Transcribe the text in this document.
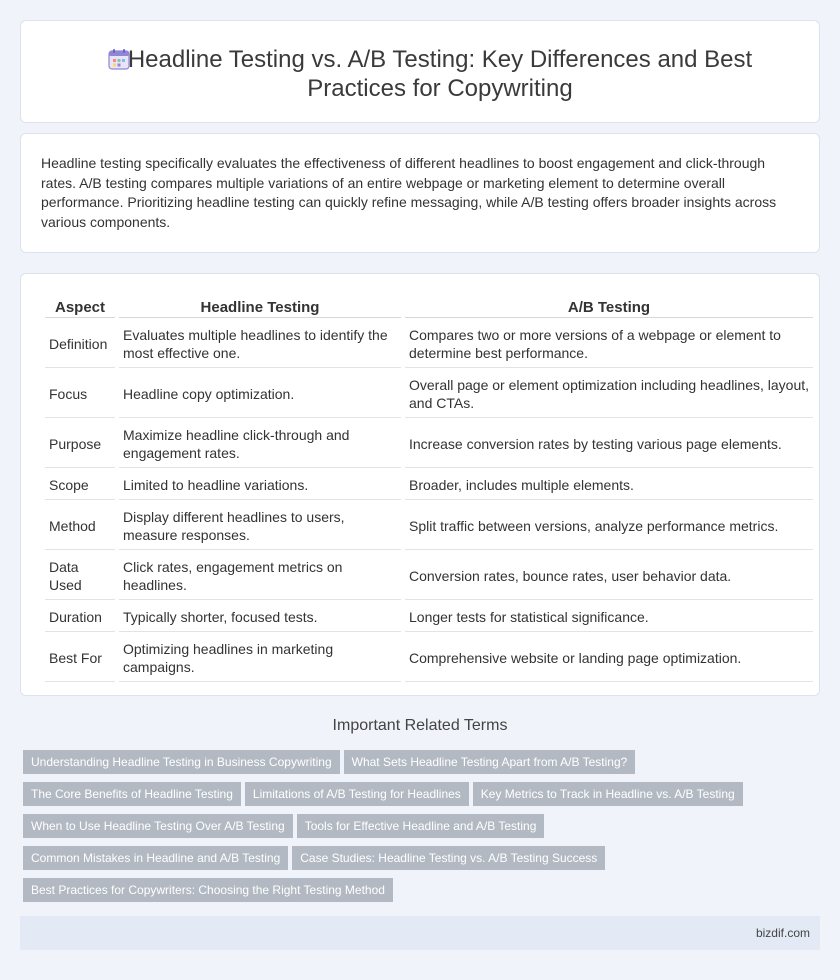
Headline Testing vs. A/B Testing: Key Differences and Best Practices for Copywriting

Headline testing specifically evaluates the effectiveness of different headlines to boost engagement and click-through rates. A/B testing compares multiple variations of an entire webpage or marketing element to determine overall performance. Prioritizing headline testing can quickly refine messaging, while A/B testing offers broader insights across various components.

Aspect	Headline Testing	A/B Testing
Definition	Evaluates multiple headlines to identify the most effective one.	Compares two or more versions of a webpage or element to determine best performance.
Focus	Headline copy optimization.	Overall page or element optimization including headlines, layout, and CTAs.
Purpose	Maximize headline click-through and engagement rates.	Increase conversion rates by testing various page elements.
Scope	Limited to headline variations.	Broader, includes multiple elements.
Method	Display different headlines to users, measure responses.	Split traffic between versions, analyze performance metrics.
Data Used	Click rates, engagement metrics on headlines.	Conversion rates, bounce rates, user behavior data.
Duration	Typically shorter, focused tests.	Longer tests for statistical significance.
Best For	Optimizing headlines in marketing campaigns.	Comprehensive website or landing page optimization.
Important Related Terms
Understanding Headline Testing in Business Copywriting What Sets Headline Testing Apart from A/B Testing?
The Core Benefits of Headline Testing Limitations of A/B Testing for Headlines Key Metrics to Track in Headline vs. A/B Testing
When to Use Headline Testing Over A/B Testing Tools for Effective Headline and A/B Testing
Common Mistakes in Headline and A/B Testing Case Studies: Headline Testing vs. A/B Testing Success
Best Practices for Copywriters: Choosing the Right Testing Method
bizdif.com
